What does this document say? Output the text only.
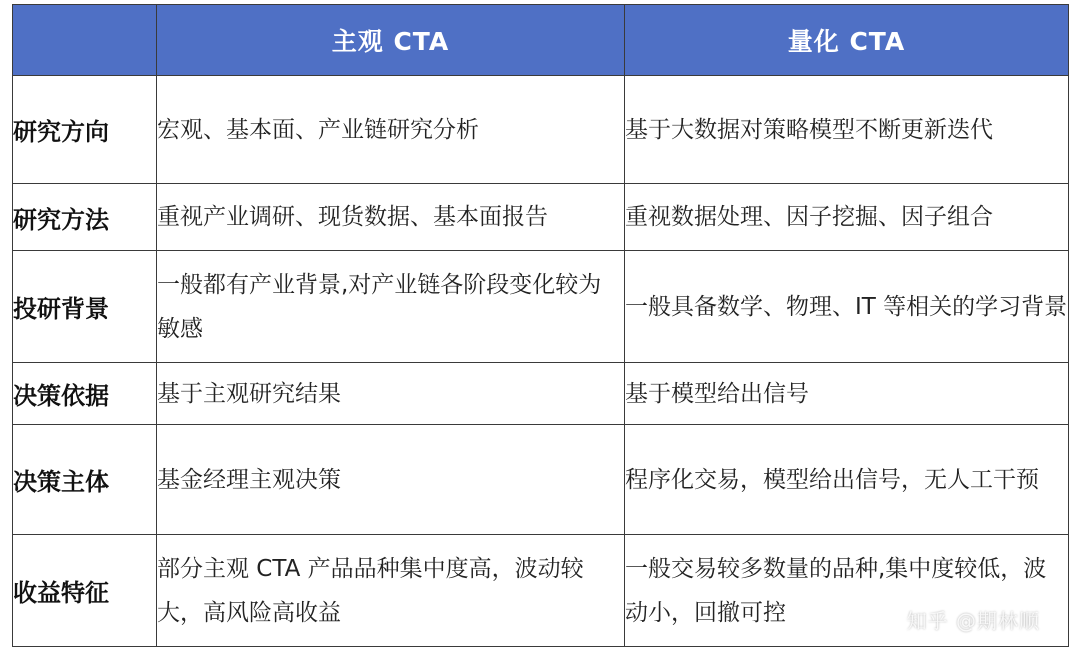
	主观 CTA	量化 CTA
研究方向	宏观、基本面、产业链研究分析	基于大数据对策略模型不断更新迭代
研究方法	重视产业调研、现货数据、基本面报告	重视数据处理、因子挖掘、因子组合
投研背景	一般都有产业背景,对产业链各阶段变化较为敏感	一般具备数学、物理、IT 等相关的学习背景
决策依据	基于主观研究结果	基于模型给出信号
决策主体	基金经理主观决策	程序化交易，模型给出信号，无人工干预
收益特征	部分主观 CTA 产品品种集中度高，波动较大，高风险高收益	一般交易较多数量的品种,集中度较低，波动小，回撤可控	知乎 @期林顺
